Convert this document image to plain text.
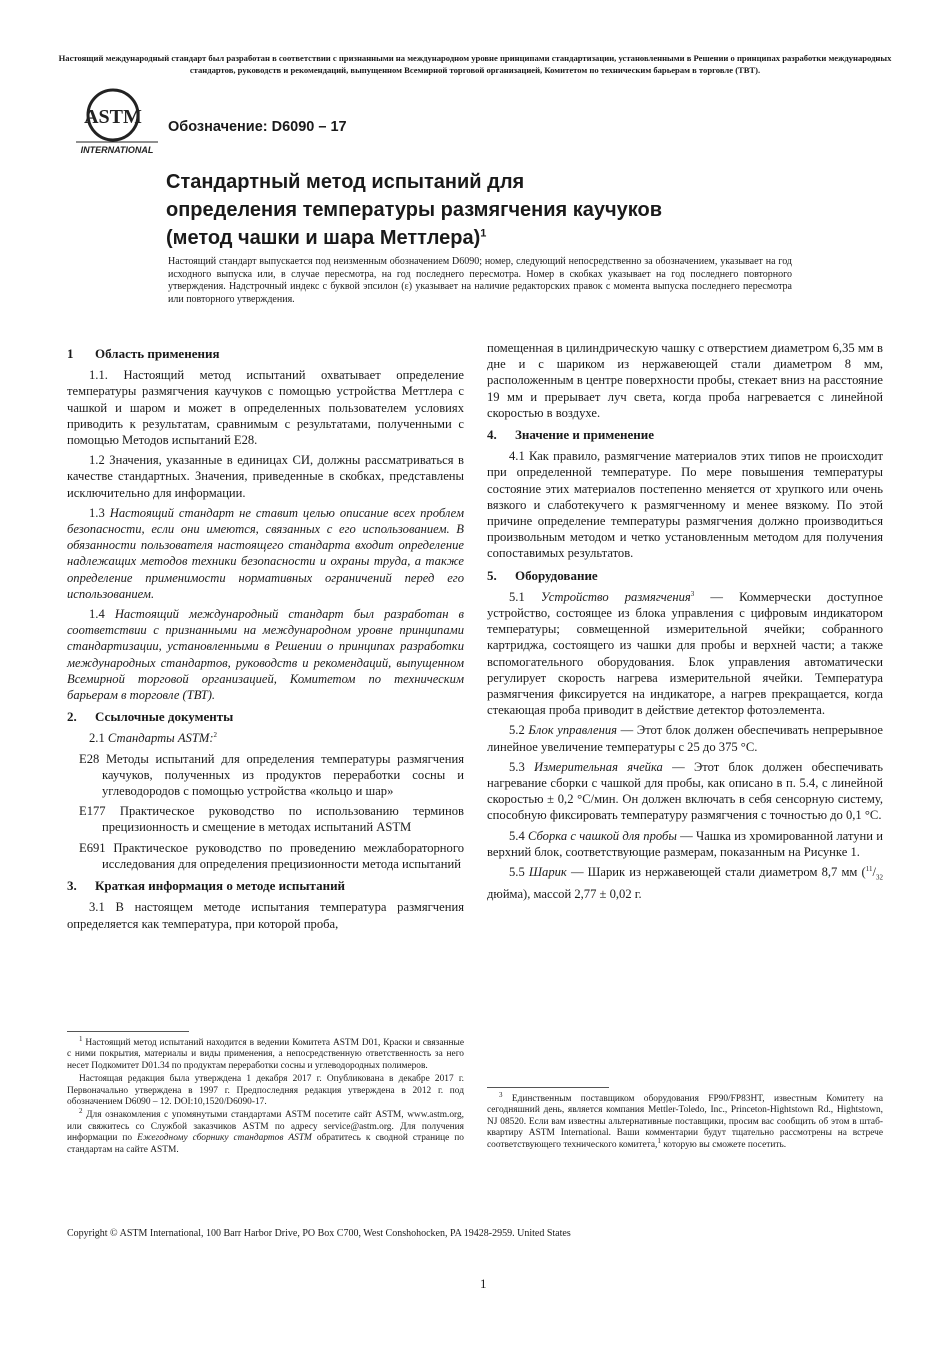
Настоящий международный стандарт был разработан в соответствии с признанными на международном уровне принципами стандартизации, установленными в Решении о принципах разработки международных стандартов, руководств и рекомендаций, выпущенном Всемирной торговой организацией, Комитетом по техническим барьерам в торговле (ТВТ).
ASTM
INTERNATIONAL
Обозначение: D6090 – 17
Стандартный метод испытаний для
определения температуры размягчения каучуков
(метод чашки и шара Меттлера)$^1$
Настоящий стандарт выпускается под неизменным обозначением D6090; номер, следующий непосредственно за обозначением, указывает на год исходного выпуска или, в случае пересмотра, на год последнего пересмотра. Номер в скобках указывает на год последнего повторного утверждения. Надстрочный индекс с буквой эпсилон (ε) указывает на наличие редакторских правок с момента выпуска последнего пересмотра или повторного утверждения.
1 Область применения

1.1. Настоящий метод испытаний охватывает определение температуры размягчения каучуков с помощью устройства Меттлера с чашкой и шаром и может в определенных пользователем условиях приводить к результатам, сравнимым с результатами, полученными с помощью Методов испытаний E28.

1.2 Значения, указанные в единицах СИ, должны рассматриваться в качестве стандартных. Значения, приведенные в скобках, представлены исключительно для информации.

1.3 Настоящий стандарт не ставит целью описание всех проблем безопасности, если они имеются, связанных с его использованием. В обязанности пользователя настоящего стандарта входит определение надлежащих методов техники безопасности и охраны труда, а также определение применимости нормативных ограничений перед его использованием.

1.4 Настоящий международный стандарт был разработан в соответствии с признанными на международном уровне принципами стандартизации, установленными в Решении о принципах разработки международных стандартов, руководств и рекомендаций, выпущенном Всемирной торговой организацией, Комитетом по техническим барьерам в торговле (ТВТ).

2. Ссылочные документы

2.1 Стандарты ASTM:$^2$

E28 Методы испытаний для определения температуры размягчения каучуков, полученных из продуктов переработки сосны и углеводородов с помощью устройства «кольцо и шар»

E177 Практическое руководство по использованию терминов прецизионность и смещение в методах испытаний ASTM

E691 Практическое руководство по проведению межлабораторного исследования для определения прецизионности метода испытаний

3. Краткая информация о методе испытаний

3.1 В настоящем методе испытания температура размягчения определяется как температура, при которой проба,

помещенная в цилиндрическую чашку с отверстием диаметром 6,35 мм в дне и с шариком из нержавеющей стали диаметром 8 мм, расположенным в центре поверхности пробы, стекает вниз на расстояние 19 мм и прерывает луч света, когда проба нагревается с линейной скоростью в воздухе.

4. Значение и применение

4.1 Как правило, размягчение материалов этих типов не происходит при определенной температуре. По мере повышения температуры состояние этих материалов постепенно меняется от хрупкого или очень вязкого и слаботекучего к размягченному и менее вязкому. По этой причине определение температуры размягчения должно производиться произвольным методом и четко установленным методом для получения сопоставимых результатов.

5. Оборудование

5.1 Устройство размягчения$^3$ — Коммерчески доступное устройство, состоящее из блока управления с цифровым индикатором температуры; совмещенной измерительной ячейки; собранного картриджа, состоящего из чашки для пробы и верхней части; а также вспомогательного оборудования. Блок управления автоматически регулирует скорость нагрева измерительной ячейки. Температура размягчения фиксируется на индикаторе, а нагрев прекращается, когда стекающая проба приводит в действие детектор фотоэлемента.

5.2 Блок управления — Этот блок должен обеспечивать непрерывное линейное увеличение температуры с 25 до 375 °С.

5.3 Измерительная ячейка — Этот блок должен обеспечивать нагревание сборки с чашкой для пробы, как описано в п. 5.4, с линейной скоростью ± 0,2 °С/мин. Он должен включать в себя сенсорную систему, способную фиксировать температуру размягчения с точностью до 0,1 °С.

5.4 Сборка с чашкой для пробы — Чашка из хромированной латуни и верхний блок, соответствующие размерам, показанным на Рисунке 1.

5.5 Шарик — Шарик из нержавеющей стали диаметром 8,7 мм ($^{11}/_{32}$ дюйма), массой 2,77 ± 0,02 г.

$^1$ Настоящий метод испытаний находится в ведении Комитета ASTM D01, Краски и связанные с ними покрытия, материалы и виды применения, а непосредственную ответственность за него несет Подкомитет D01.34 по продуктам переработки сосны и углеводородных полимеров.

Настоящая редакция была утверждена 1 декабря 2017 г. Опубликована в декабре 2017 г. Первоначально утверждена в 1997 г. Предпоследняя редакция утверждена в 2012 г. под обозначением D6090 – 12. DOI:10,1520/D6090-17.

$^2$ Для ознакомления с упомянутыми стандартами ASTM посетите сайт ASTM, www.astm.org, или свяжитесь со Службой заказчиков ASTM по адресу service@astm.org. Для получения информации по Ежегодному сборнику стандартов ASTM обратитесь к сводной странице по стандартам на сайте ASTM.

$^3$ Единственным поставщиком оборудования FP90/FP83HT, известным Комитету на сегодняшний день, является компания Mettler-Toledo, Inc., Princeton-Hightstown Rd., Hightstown, NJ 08520. Если вам известны альтернативные поставщики, просим вас сообщить об этом в штаб-квартиру ASTM International. Ваши комментарии будут тщательно рассмотрены на встрече соответствующего технического комитета,$^1$ которую вы сможете посетить.

Copyright © ASTM International, 100 Barr Harbor Drive, PO Box C700, West Conshohocken, PA 19428-2959. United States
1
